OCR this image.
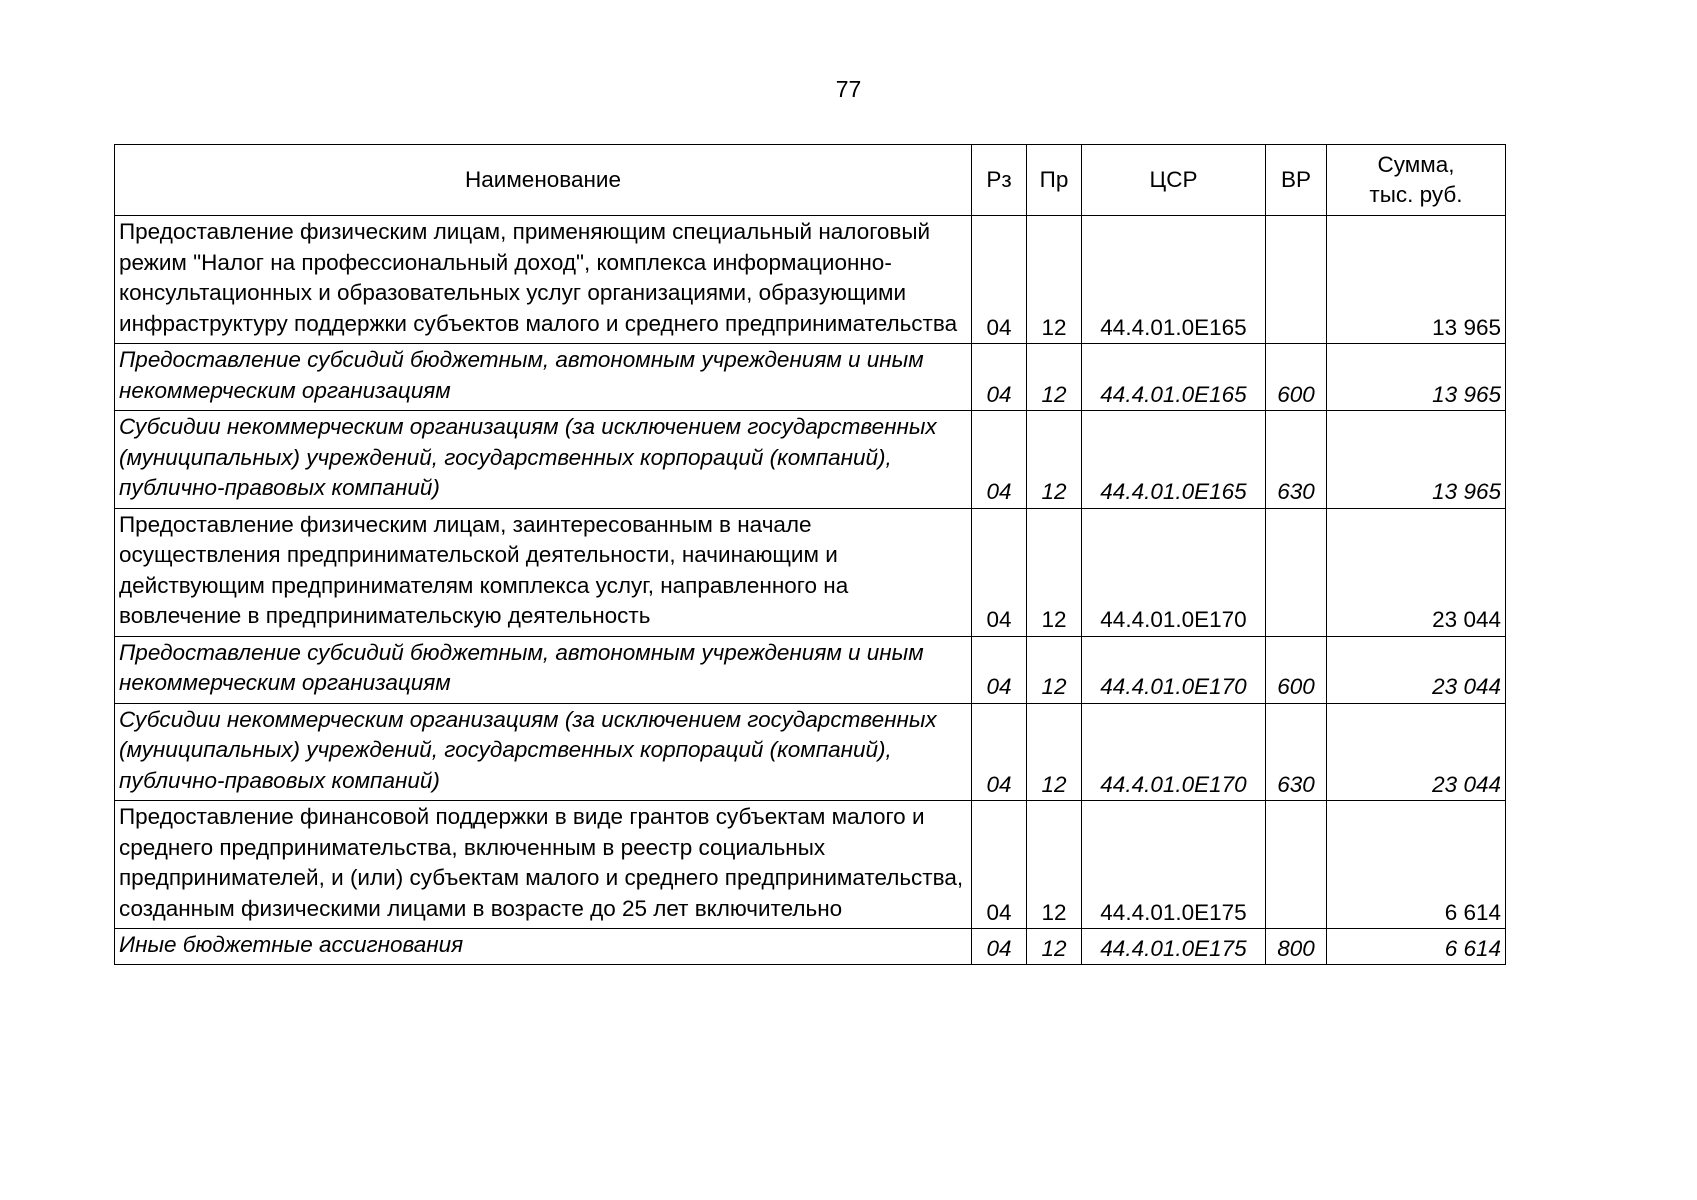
77
Наименование	Рз	Пр	ЦСР	ВР	Сумма,
тыс. руб.
Предоставление физическим лицам, применяющим специальный налоговый режим "Налог на профессиональный доход", комплекса информационно-консультационных и образовательных услуг организациями, образующими инфраструктуру поддержки субъектов малого и среднего предпринимательства	04	12	44.4.01.0Е165		13 965
Предоставление субсидий бюджетным, автономным учреждениям и иным некоммерческим организациям	04	12	44.4.01.0Е165	600	13 965
Субсидии некоммерческим организациям (за исключением государственных (муниципальных) учреждений, государственных корпораций (компаний), публично-правовых компаний)	04	12	44.4.01.0Е165	630	13 965
Предоставление физическим лицам, заинтересованным в начале осуществления предпринимательской деятельности, начинающим и действующим предпринимателям комплекса услуг, направленного на вовлечение в предпринимательскую деятельность	04	12	44.4.01.0Е170		23 044
Предоставление субсидий бюджетным, автономным учреждениям и иным некоммерческим организациям	04	12	44.4.01.0Е170	600	23 044
Субсидии некоммерческим организациям (за исключением государственных (муниципальных) учреждений, государственных корпораций (компаний), публично-правовых компаний)	04	12	44.4.01.0Е170	630	23 044
Предоставление финансовой поддержки в виде грантов субъектам малого и среднего предпринимательства, включенным в реестр социальных предпринимателей, и (или) субъектам малого и среднего предпринимательства, созданным физическими лицами в возрасте до 25 лет включительно	04	12	44.4.01.0Е175		6 614
Иные бюджетные ассигнования	04	12	44.4.01.0Е175	800	6 614
